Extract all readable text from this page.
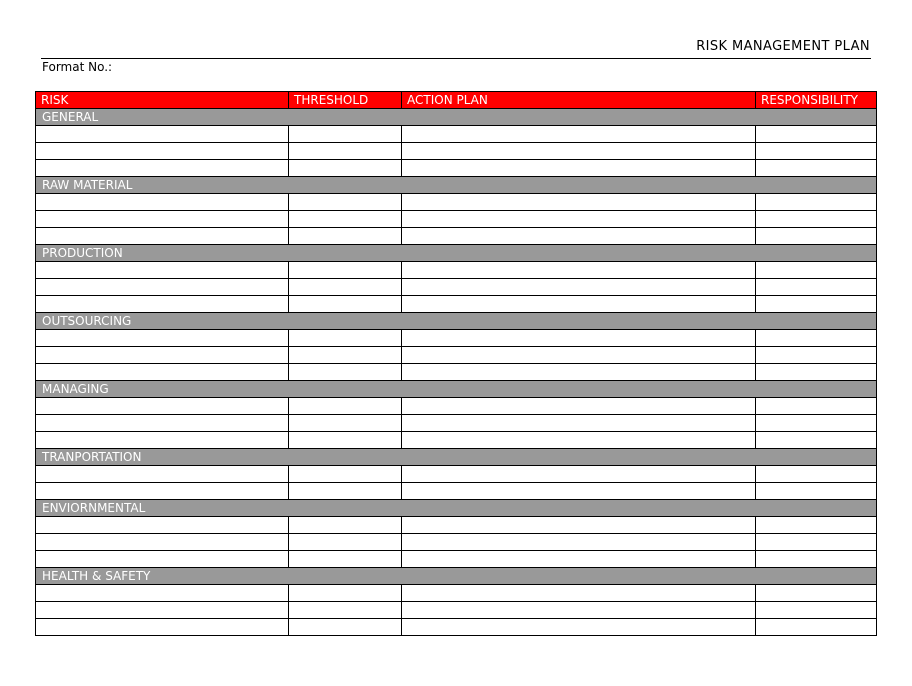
RISK MANAGEMENT PLAN
Format No.:
RISK	THRESHOLD	ACTION PLAN	RESPONSIBILITY
GENERAL			

RAW MATERIAL			

PRODUCTION			

OUTSOURCING			

MANAGING			

TRANPORTATION			

ENVIORNMENTAL			

HEALTH & SAFETY			
